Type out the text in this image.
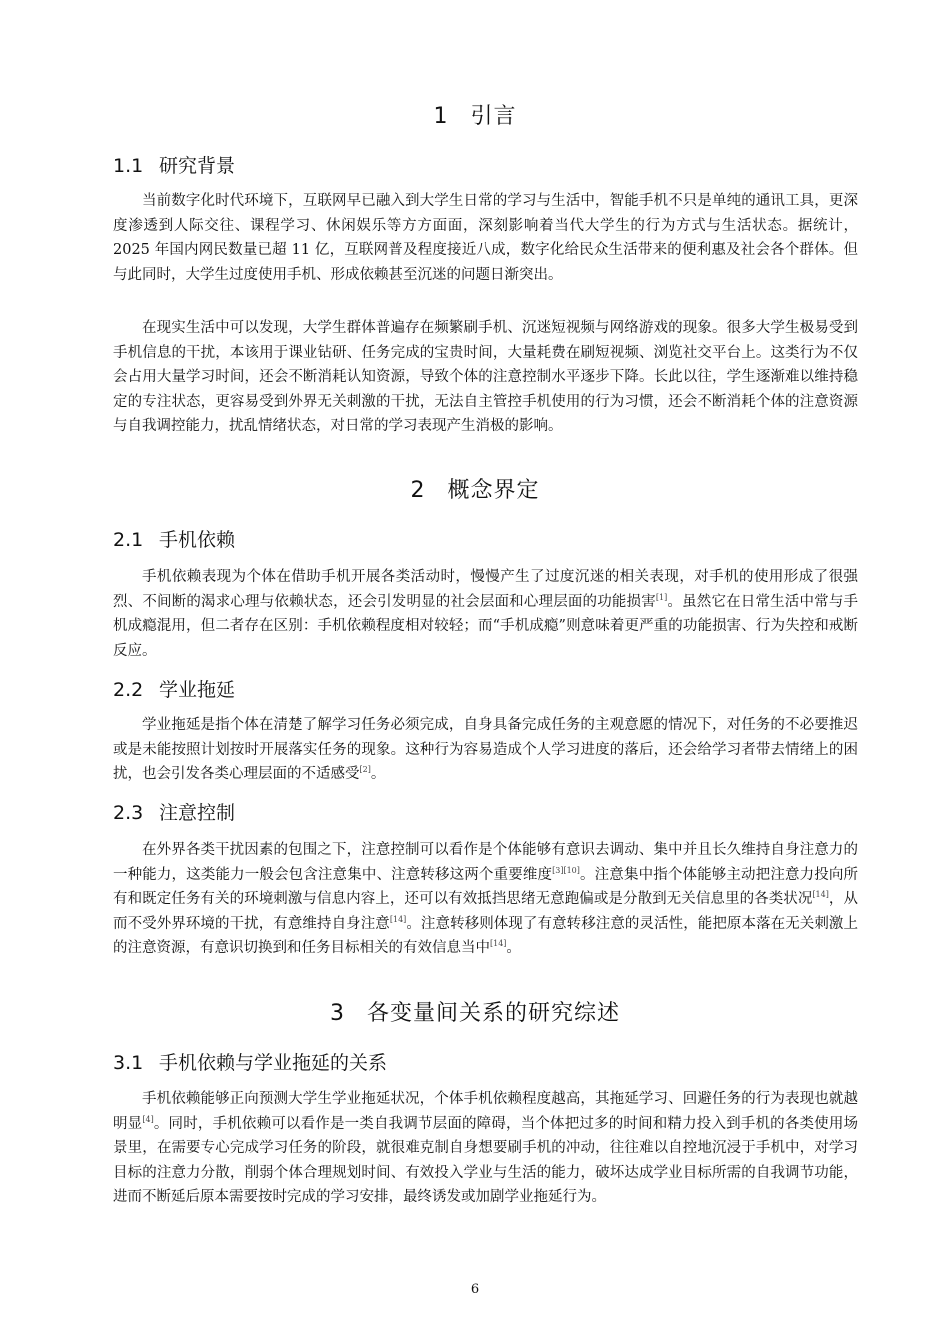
1 引言
1.1 研究背景

当前数字化时代环境下，互联网早已融入到大学生日常的学习与生活中，智能手机不只是单纯的通讯工具，更深度渗透到人际交往、课程学习、休闲娱乐等方方面面，深刻影响着当代大学生的行为方式与生活状态。据统计，2025 年国内网民数量已超 11 亿，互联网普及程度接近八成，数字化给民众生活带来的便利惠及社会各个群体。但与此同时，大学生过度使用手机、形成依赖甚至沉迷的问题日渐突出。

在现实生活中可以发现，大学生群体普遍存在频繁刷手机、沉迷短视频与网络游戏的现象。很多大学生极易受到手机信息的干扰，本该用于课业钻研、任务完成的宝贵时间，大量耗费在刷短视频、浏览社交平台上。这类行为不仅会占用大量学习时间，还会不断消耗认知资源，导致个体的注意控制水平逐步下降。长此以往，学生逐渐难以维持稳定的专注状态，更容易受到外界无关刺激的干扰，无法自主管控手机使用的行为习惯，还会不断消耗个体的注意资源与自我调控能力，扰乱情绪状态，对日常的学习表现产生消极的影响。

2 概念界定
2.1 手机依赖

手机依赖表现为个体在借助手机开展各类活动时，慢慢产生了过度沉迷的相关表现，对手机的使用形成了很强烈、不间断的渴求心理与依赖状态，还会引发明显的社会层面和心理层面的功能损害[1]。虽然它在日常生活中常与手机成瘾混用，但二者存在区别：手机依赖程度相对较轻；而“手机成瘾”则意味着更严重的功能损害、行为失控和戒断反应。

2.2 学业拖延

学业拖延是指个体在清楚了解学习任务必须完成，自身具备完成任务的主观意愿的情况下，对任务的不必要推迟或是未能按照计划按时开展落实任务的现象。这种行为容易造成个人学习进度的落后，还会给学习者带去情绪上的困扰，也会引发各类心理层面的不适感受[2]。

2.3 注意控制

在外界各类干扰因素的包围之下，注意控制可以看作是个体能够有意识去调动、集中并且长久维持自身注意力的一种能力，这类能力一般会包含注意集中、注意转移这两个重要维度[3][10]。注意集中指个体能够主动把注意力投向所有和既定任务有关的环境刺激与信息内容上，还可以有效抵挡思绪无意跑偏或是分散到无关信息里的各类状况[14]，从而不受外界环境的干扰，有意维持自身注意[14]。注意转移则体现了有意转移注意的灵活性，能把原本落在无关刺激上的注意资源，有意识切换到和任务目标相关的有效信息当中[14]。

3 各变量间关系的研究综述
3.1 手机依赖与学业拖延的关系

手机依赖能够正向预测大学生学业拖延状况，个体手机依赖程度越高，其拖延学习、回避任务的行为表现也就越明显[4]。同时，手机依赖可以看作是一类自我调节层面的障碍，当个体把过多的时间和精力投入到手机的各类使用场景里，在需要专心完成学习任务的阶段，就很难克制自身想要刷手机的冲动，往往难以自控地沉浸于手机中，对学习目标的注意力分散，削弱个体合理规划时间、有效投入学业与生活的能力，破坏达成学业目标所需的自我调节功能，进而不断延后原本需要按时完成的学习安排，最终诱发或加剧学业拖延行为。

6
